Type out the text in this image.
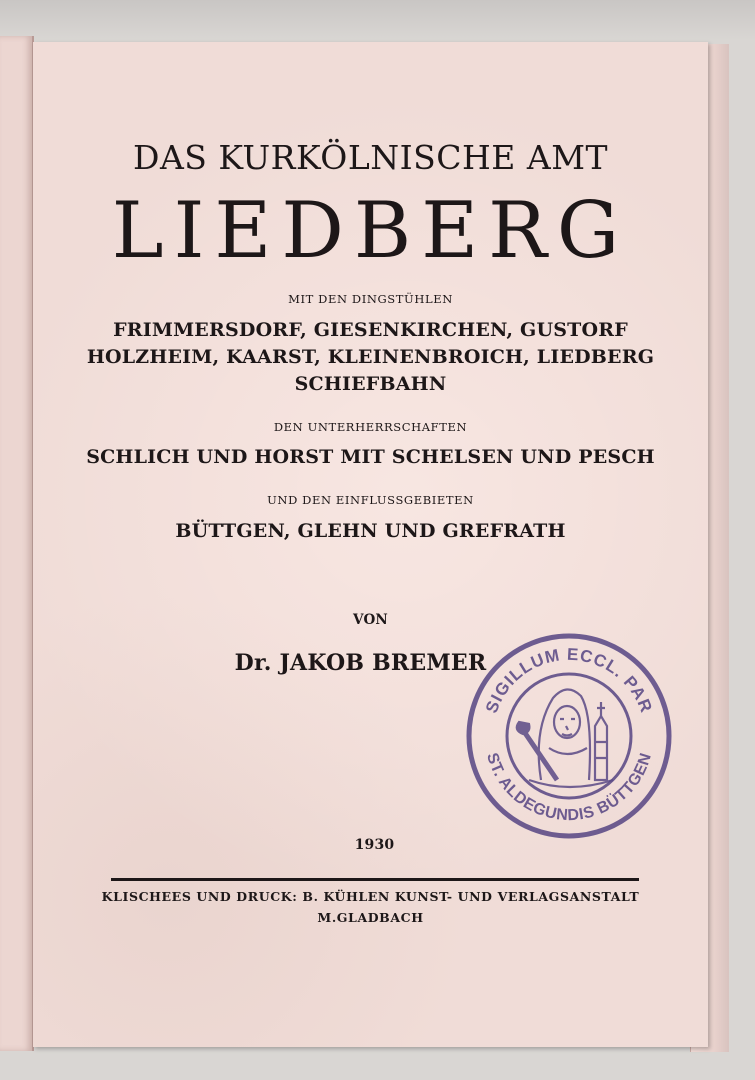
DAS KURKÖLNISCHE AMT
LIEDBERG
MIT DEN DINGSTÜHLEN
FRIMMERSDORF, GIESENKIRCHEN, GUSTORF
HOLZHEIM, KAARST, KLEINENBROICH, LIEDBERG
SCHIEFBAHN
DEN UNTERHERRSCHAFTEN
SCHLICH UND HORST MIT SCHELSEN UND PESCH
UND DEN EINFLUSSGEBIETEN
BÜTTGEN, GLEHN UND GREFRATH
VON
Dr. JAKOB BREMER
1930
KLISCHEES UND DRUCK: B. KÜHLEN KUNST- UND VERLAGSANSTALT
M.GLADBACH
SIGILLUM ECCL. PAR
ST. ALDEGUNDIS BÜTTGEN
